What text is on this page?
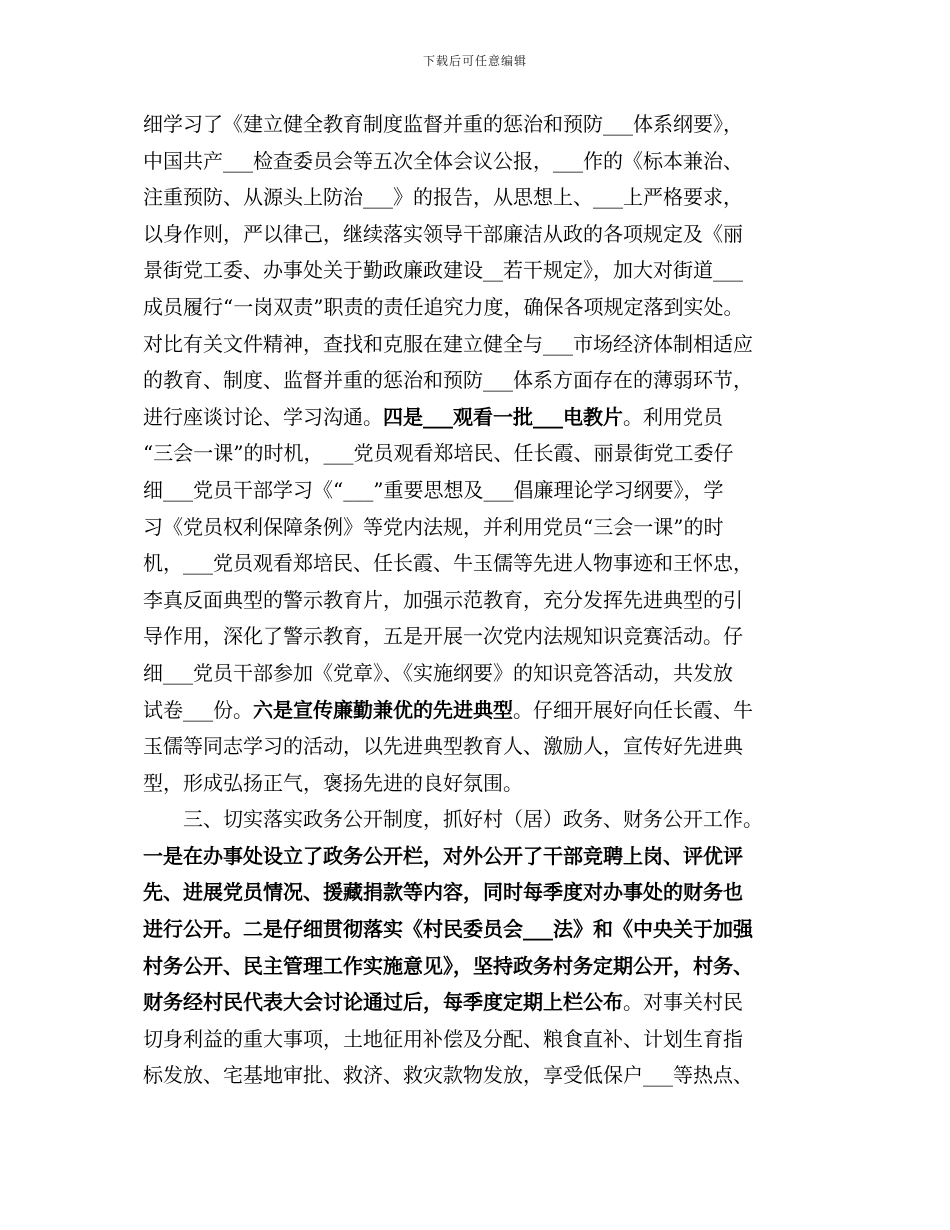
下载后可任意编辑
细学习了《建立健全教育制度监督并重的惩治和预防___体系纲要》，
中国共产___检查委员会等五次全体会议公报，___作的《标本兼治、
注重预防、从源头上防治___》的报告，从思想上、___上严格要求，
以身作则，严以律己，继续落实领导干部廉洁从政的各项规定及《丽
景街党工委、办事处关于勤政廉政建设__若干规定》，加大对街道___
成员履行“一岗双责”职责的责任追究力度，确保各项规定落到实处。
对比有关文件精神，查找和克服在建立健全与___市场经济体制相适应
的教育、制度、监督并重的惩治和预防___体系方面存在的薄弱环节，
进行座谈讨论、学习沟通。四是___观看一批___电教片。利用党员
“三会一课”的时机，___党员观看郑培民、任长霞、丽景街党工委仔
细___党员干部学习《“___”重要思想及___倡廉理论学习纲要》，学
习《党员权利保障条例》等党内法规，并利用党员“三会一课”的时
机，___党员观看郑培民、任长霞、牛玉儒等先进人物事迹和王怀忠，
李真反面典型的警示教育片，加强示范教育，充分发挥先进典型的引
导作用，深化了警示教育，五是开展一次党内法规知识竞赛活动。仔
细___党员干部参加《党章》、《实施纲要》的知识竞答活动，共发放
试卷___份。六是宣传廉勤兼优的先进典型。仔细开展好向任长霞、牛
玉儒等同志学习的活动，以先进典型教育人、激励人，宣传好先进典
型，形成弘扬正气，褒扬先进的良好氛围。
　　三、切实落实政务公开制度，抓好村（居）政务、财务公开工作。
一是在办事处设立了政务公开栏，对外公开了干部竞聘上岗、评优评
先、进展党员情况、援藏捐款等内容，同时每季度对办事处的财务也
进行公开。二是仔细贯彻落实《村民委员会___法》和《中央关于加强
村务公开、民主管理工作实施意见》，坚持政务村务定期公开，村务、
财务经村民代表大会讨论通过后，每季度定期上栏公布。对事关村民
切身利益的重大事项，土地征用补偿及分配、粮食直补、计划生育指
标发放、宅基地审批、救济、救灾款物发放，享受低保户___等热点、
